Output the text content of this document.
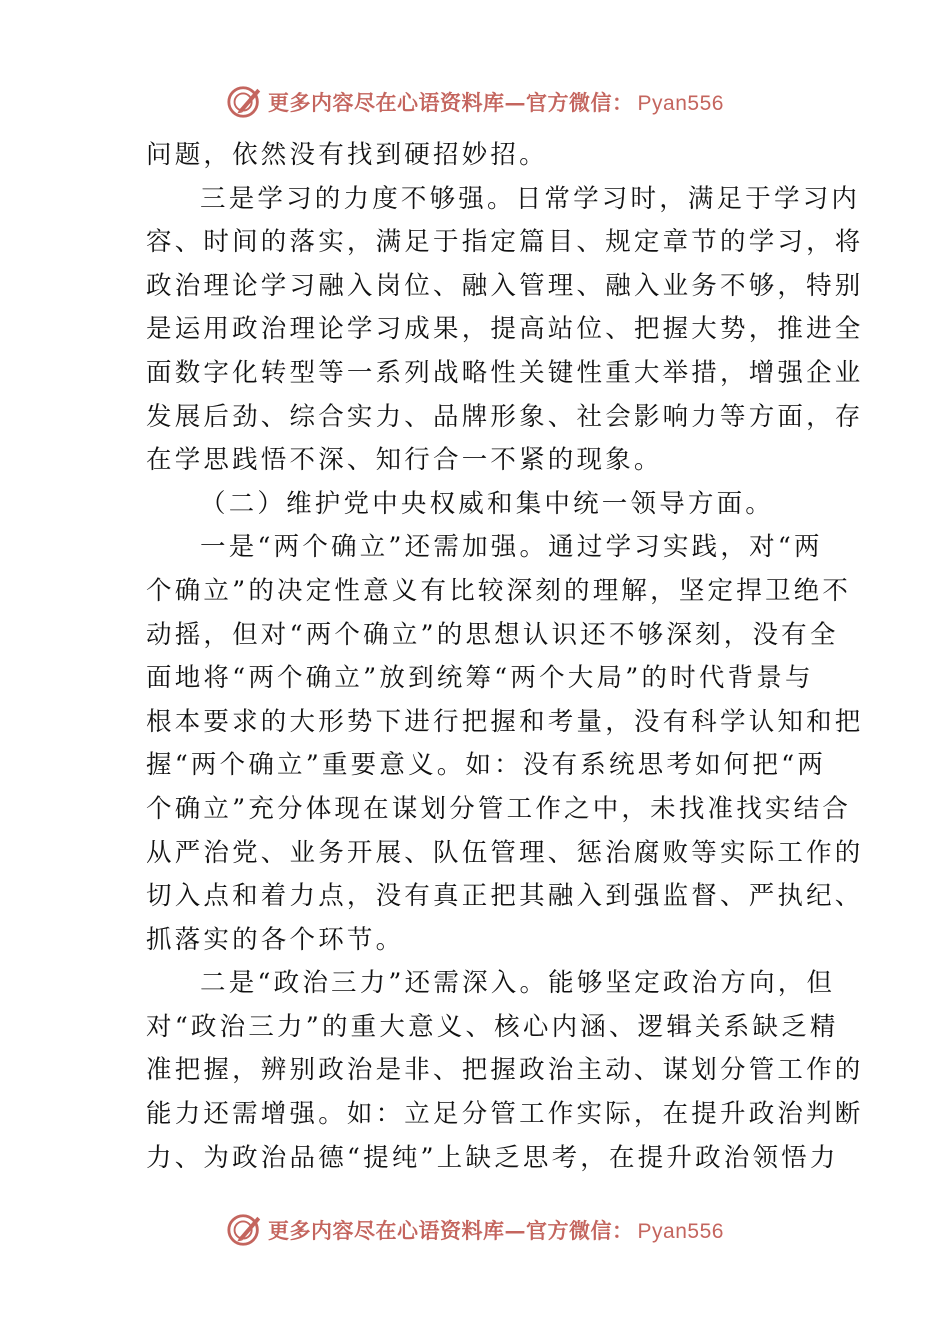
更多内容尽在心语资料库—官方微信： Pyan556
问题，依然没有找到硬招妙招。
三是学习的力度不够强。日常学习时，满足于学习内
容、时间的落实，满足于指定篇目、规定章节的学习，将
政治理论学习融入岗位、融入管理、融入业务不够，特别
是运用政治理论学习成果，提高站位、把握大势，推进全
面数字化转型等一系列战略性关键性重大举措，增强企业
发展后劲、综合实力、品牌形象、社会影响力等方面，存
在学思践悟不深、知行合一不紧的现象。
（二）维护党中央权威和集中统一领导方面。
一是“两个确立”还需加强。通过学习实践，对“两
个确立”的决定性意义有比较深刻的理解，坚定捍卫绝不
动摇，但对“两个确立”的思想认识还不够深刻，没有全
面地将“两个确立”放到统筹“两个大局”的时代背景与
根本要求的大形势下进行把握和考量，没有科学认知和把
握“两个确立”重要意义。如：没有系统思考如何把“两
个确立”充分体现在谋划分管工作之中，未找准找实结合
从严治党、业务开展、队伍管理、惩治腐败等实际工作的
切入点和着力点，没有真正把其融入到强监督、严执纪、
抓落实的各个环节。
二是“政治三力”还需深入。能够坚定政治方向，但
对“政治三力”的重大意义、核心内涵、逻辑关系缺乏精
准把握，辨别政治是非、把握政治主动、谋划分管工作的
能力还需增强。如：立足分管工作实际，在提升政治判断
力、为政治品德“提纯”上缺乏思考，在提升政治领悟力
更多内容尽在心语资料库—官方微信： Pyan556
